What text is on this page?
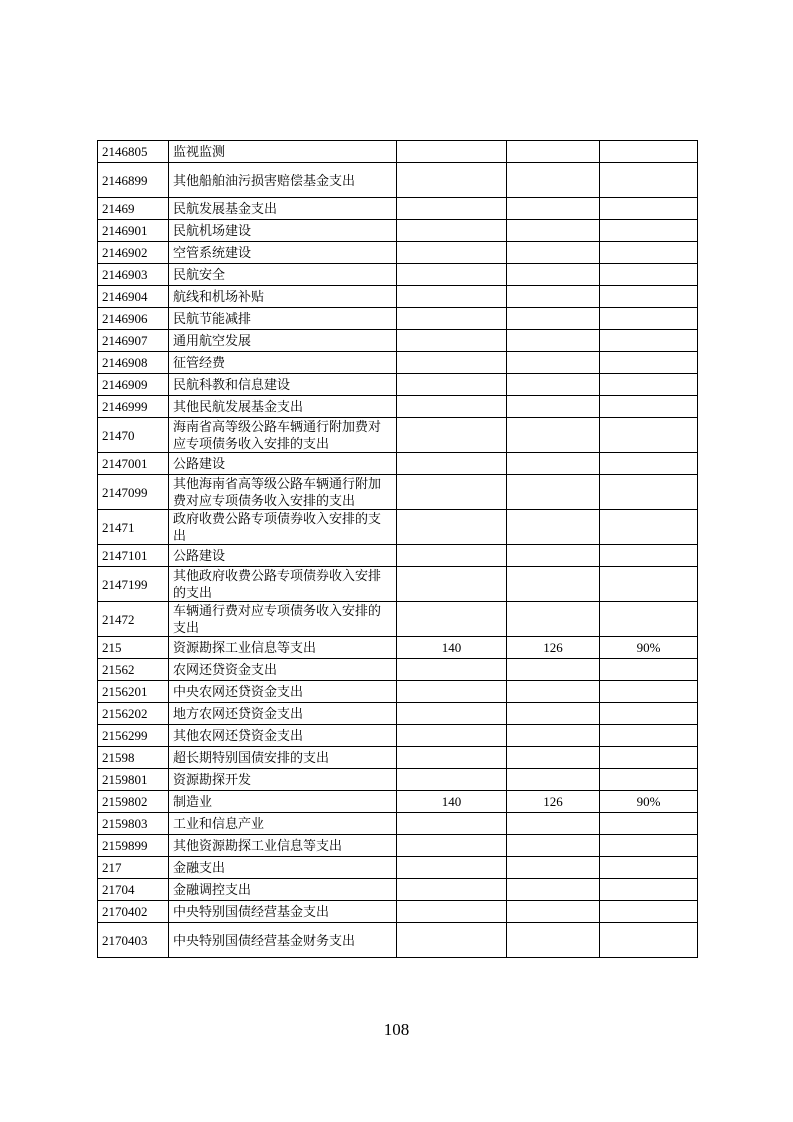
2146805	监视监测			
2146899	其他船舶油污损害赔偿基金支出			
21469	民航发展基金支出			
2146901	民航机场建设			
2146902	空管系统建设			
2146903	民航安全			
2146904	航线和机场补贴			
2146906	民航节能减排			
2146907	通用航空发展			
2146908	征管经费			
2146909	民航科教和信息建设			
2146999	其他民航发展基金支出			
21470	海南省高等级公路车辆通行附加费对应专项债务收入安排的支出			
2147001	公路建设			
2147099	其他海南省高等级公路车辆通行附加费对应专项债务收入安排的支出			
21471	政府收费公路专项债券收入安排的支出			
2147101	公路建设			
2147199	其他政府收费公路专项债券收入安排的支出			
21472	车辆通行费对应专项债务收入安排的支出			
215	资源勘探工业信息等支出	140	126	90%
21562	农网还贷资金支出			
2156201	中央农网还贷资金支出			
2156202	地方农网还贷资金支出			
2156299	其他农网还贷资金支出			
21598	超长期特别国债安排的支出			
2159801	资源勘探开发			
2159802	制造业	140	126	90%
2159803	工业和信息产业			
2159899	其他资源勘探工业信息等支出			
217	金融支出			
21704	金融调控支出			
2170402	中央特别国债经营基金支出			
2170403	中央特别国债经营基金财务支出			
108
